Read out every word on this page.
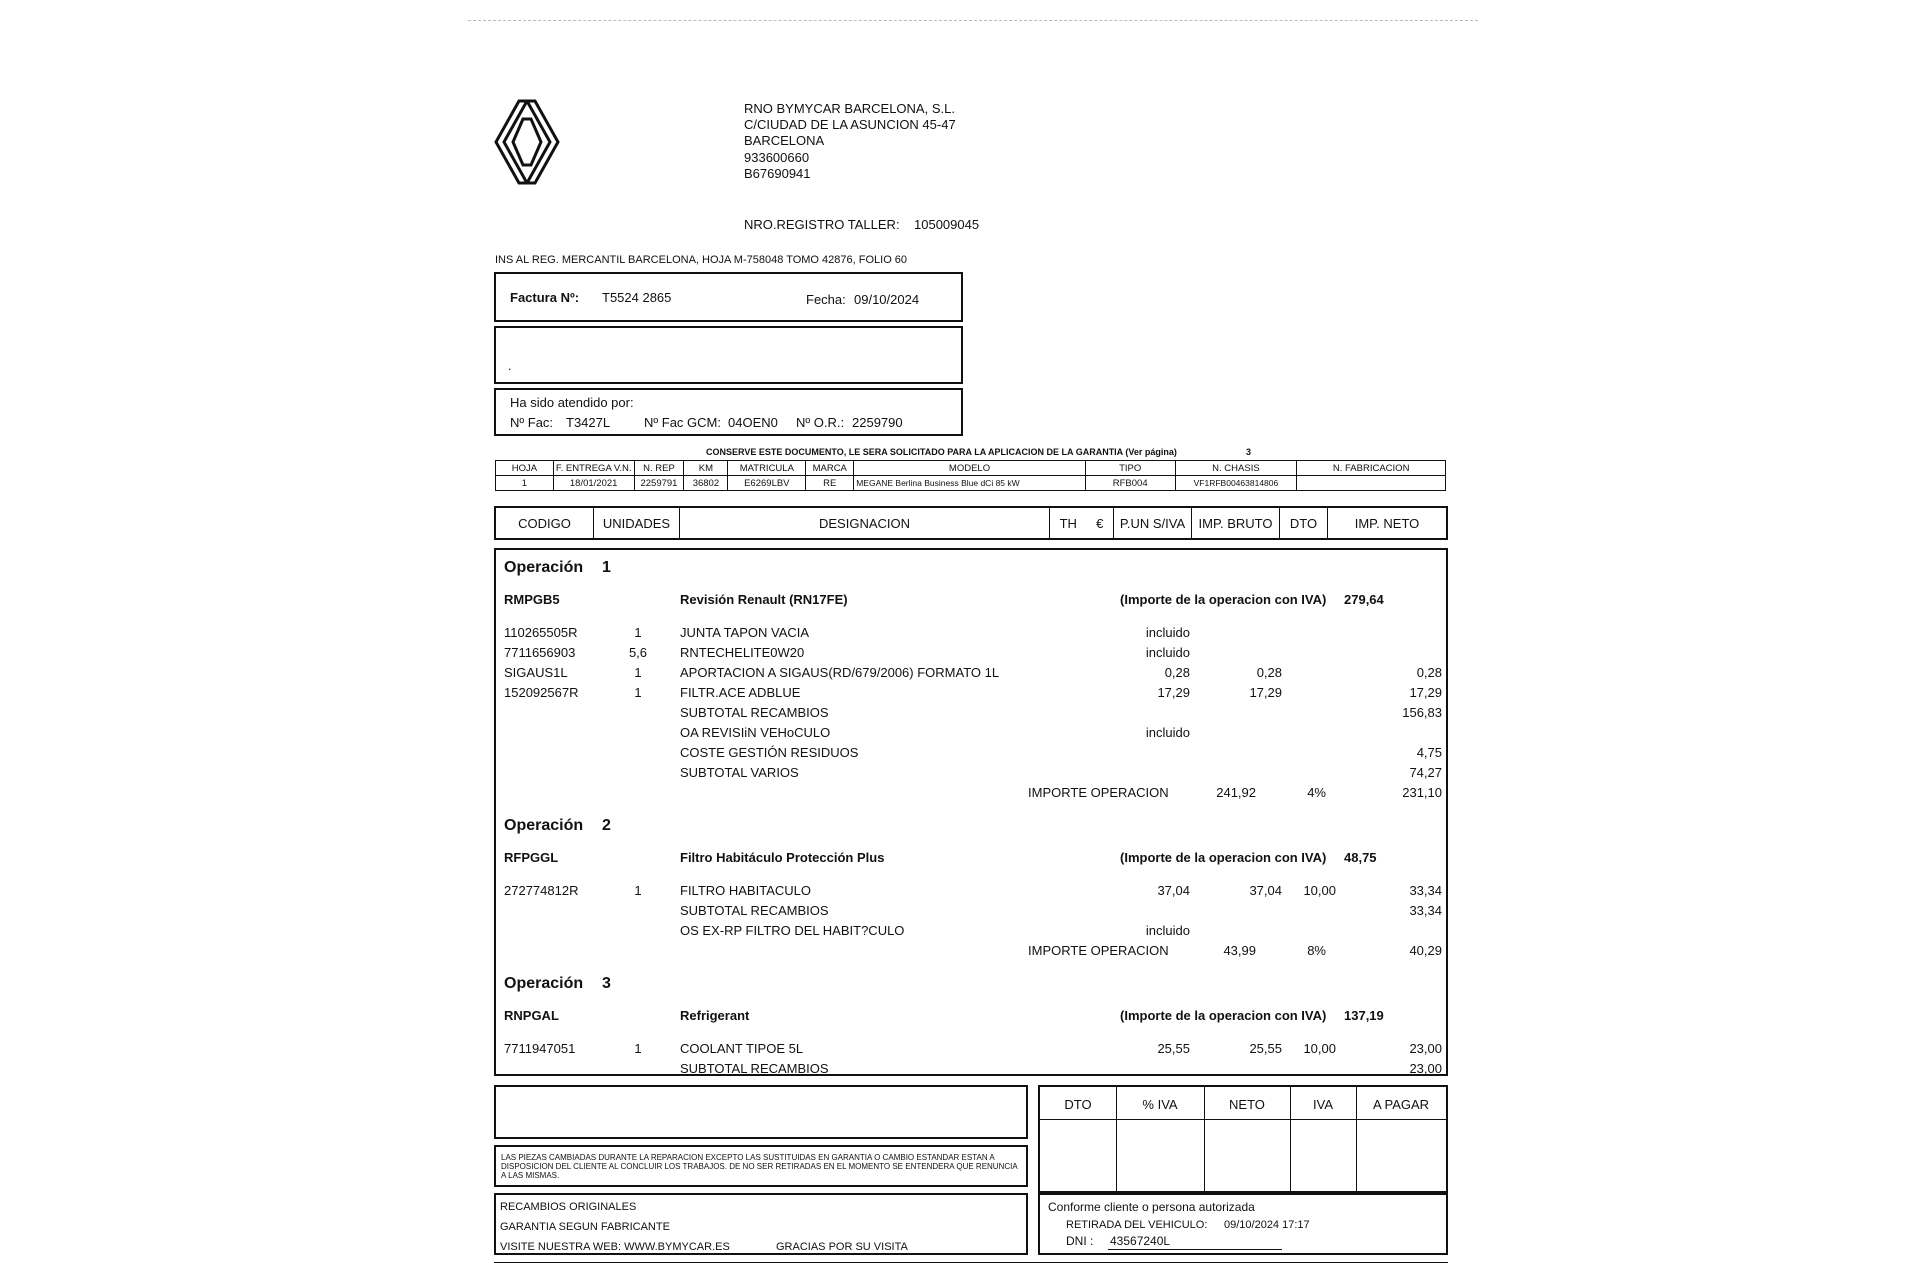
RNO BYMYCAR BARCELONA, S.L.
C/CIUDAD DE LA ASUNCION 45-47
BARCELONA
933600660
B67690941
NRO.REGISTRO TALLER: 105009045
INS AL REG. MERCANTIL BARCELONA, HOJA M-758048 TOMO 42876, FOLIO 60
Factura Nº: T5524 2865	Fecha: 09/10/2024
.
Ha sido atendido por:
Nº Fac: T3427L	Nº Fac GCM: 04OEN0 Nº O.R.: 2259790
CONSERVE ESTE DOCUMENTO, LE SERA SOLICITADO PARA LA APLICACION DE LA GARANTIA (Ver página)	3
HOJA	F. ENTREGA V.N.	N. REP	KM	MATRICULA	MARCA	MODELO	TIPO	N. CHASIS	N. FABRICACION
1	18/01/2021	2259791	36802	E6269LBV	RE	MEGANE Berlina Business Blue dCi 85 kW	RFB004	VF1RFB00463814806	
CODIGO	UNIDADES	DESIGNACION	TH €	P.UN S/IVA	IMP. BRUTO	DTO	IMP. NETO
Operación 1
RMPGB5	Revisión Renault (RN17FE)	(Importe de la operacion con IVA) 279,64
110265505R	1	JUNTA TAPON VACIA	incluido
7711656903	5,6	RNTECHELITE0W20	incluido
SIGAUS1L	1	APORTACION A SIGAUS(RD/679/2006) FORMATO 1L	0,28	0,28	0,28
152092567R	1	FILTR.ACE ADBLUE	17,29	17,29	17,29
SUBTOTAL RECAMBIOS	156,83
OA REVISIiN VEHoCULO	incluido
COSTE GESTIÓN RESIDUOS	4,75
SUBTOTAL VARIOS	74,27
IMPORTE OPERACION	241,92	4%	231,10
Operación 2
RFPGGL	Filtro Habitáculo Protección Plus	(Importe de la operacion con IVA) 48,75
272774812R	1	FILTRO HABITACULO	37,04	37,04 10,00	33,34
SUBTOTAL RECAMBIOS	33,34
OS EX-RP FILTRO DEL HABIT?CULO	incluido
IMPORTE OPERACION	43,99	8%	40,29
Operación 3
RNPGAL	Refrigerant	(Importe de la operacion con IVA) 137,19
7711947051	1	COOLANT TIPOE 5L	25,55	25,55 10,00	23,00
SUBTOTAL RECAMBIOS	23,00
LAS PIEZAS CAMBIADAS DURANTE LA REPARACION EXCEPTO LAS SUSTITUIDAS EN GARANTIA O CAMBIO ESTANDAR ESTAN A DISPOSICION DEL CLIENTE AL CONCLUIR LOS TRABAJOS. DE NO SER RETIRADAS EN EL MOMENTO SE ENTENDERA QUE RENUNCIA A LAS MISMAS.
RECAMBIOS ORIGINALES
GARANTIA SEGUN FABRICANTE
VISITE NUESTRA WEB: WWW.BYMYCAR.ES	GRACIAS POR SU VISITA
DTO	% IVA	NETO	IVA	A PAGAR
Conforme cliente o persona autorizada
RETIRADA DEL VEHICULO: 09/10/2024 17:17
DNI : 43567240L
